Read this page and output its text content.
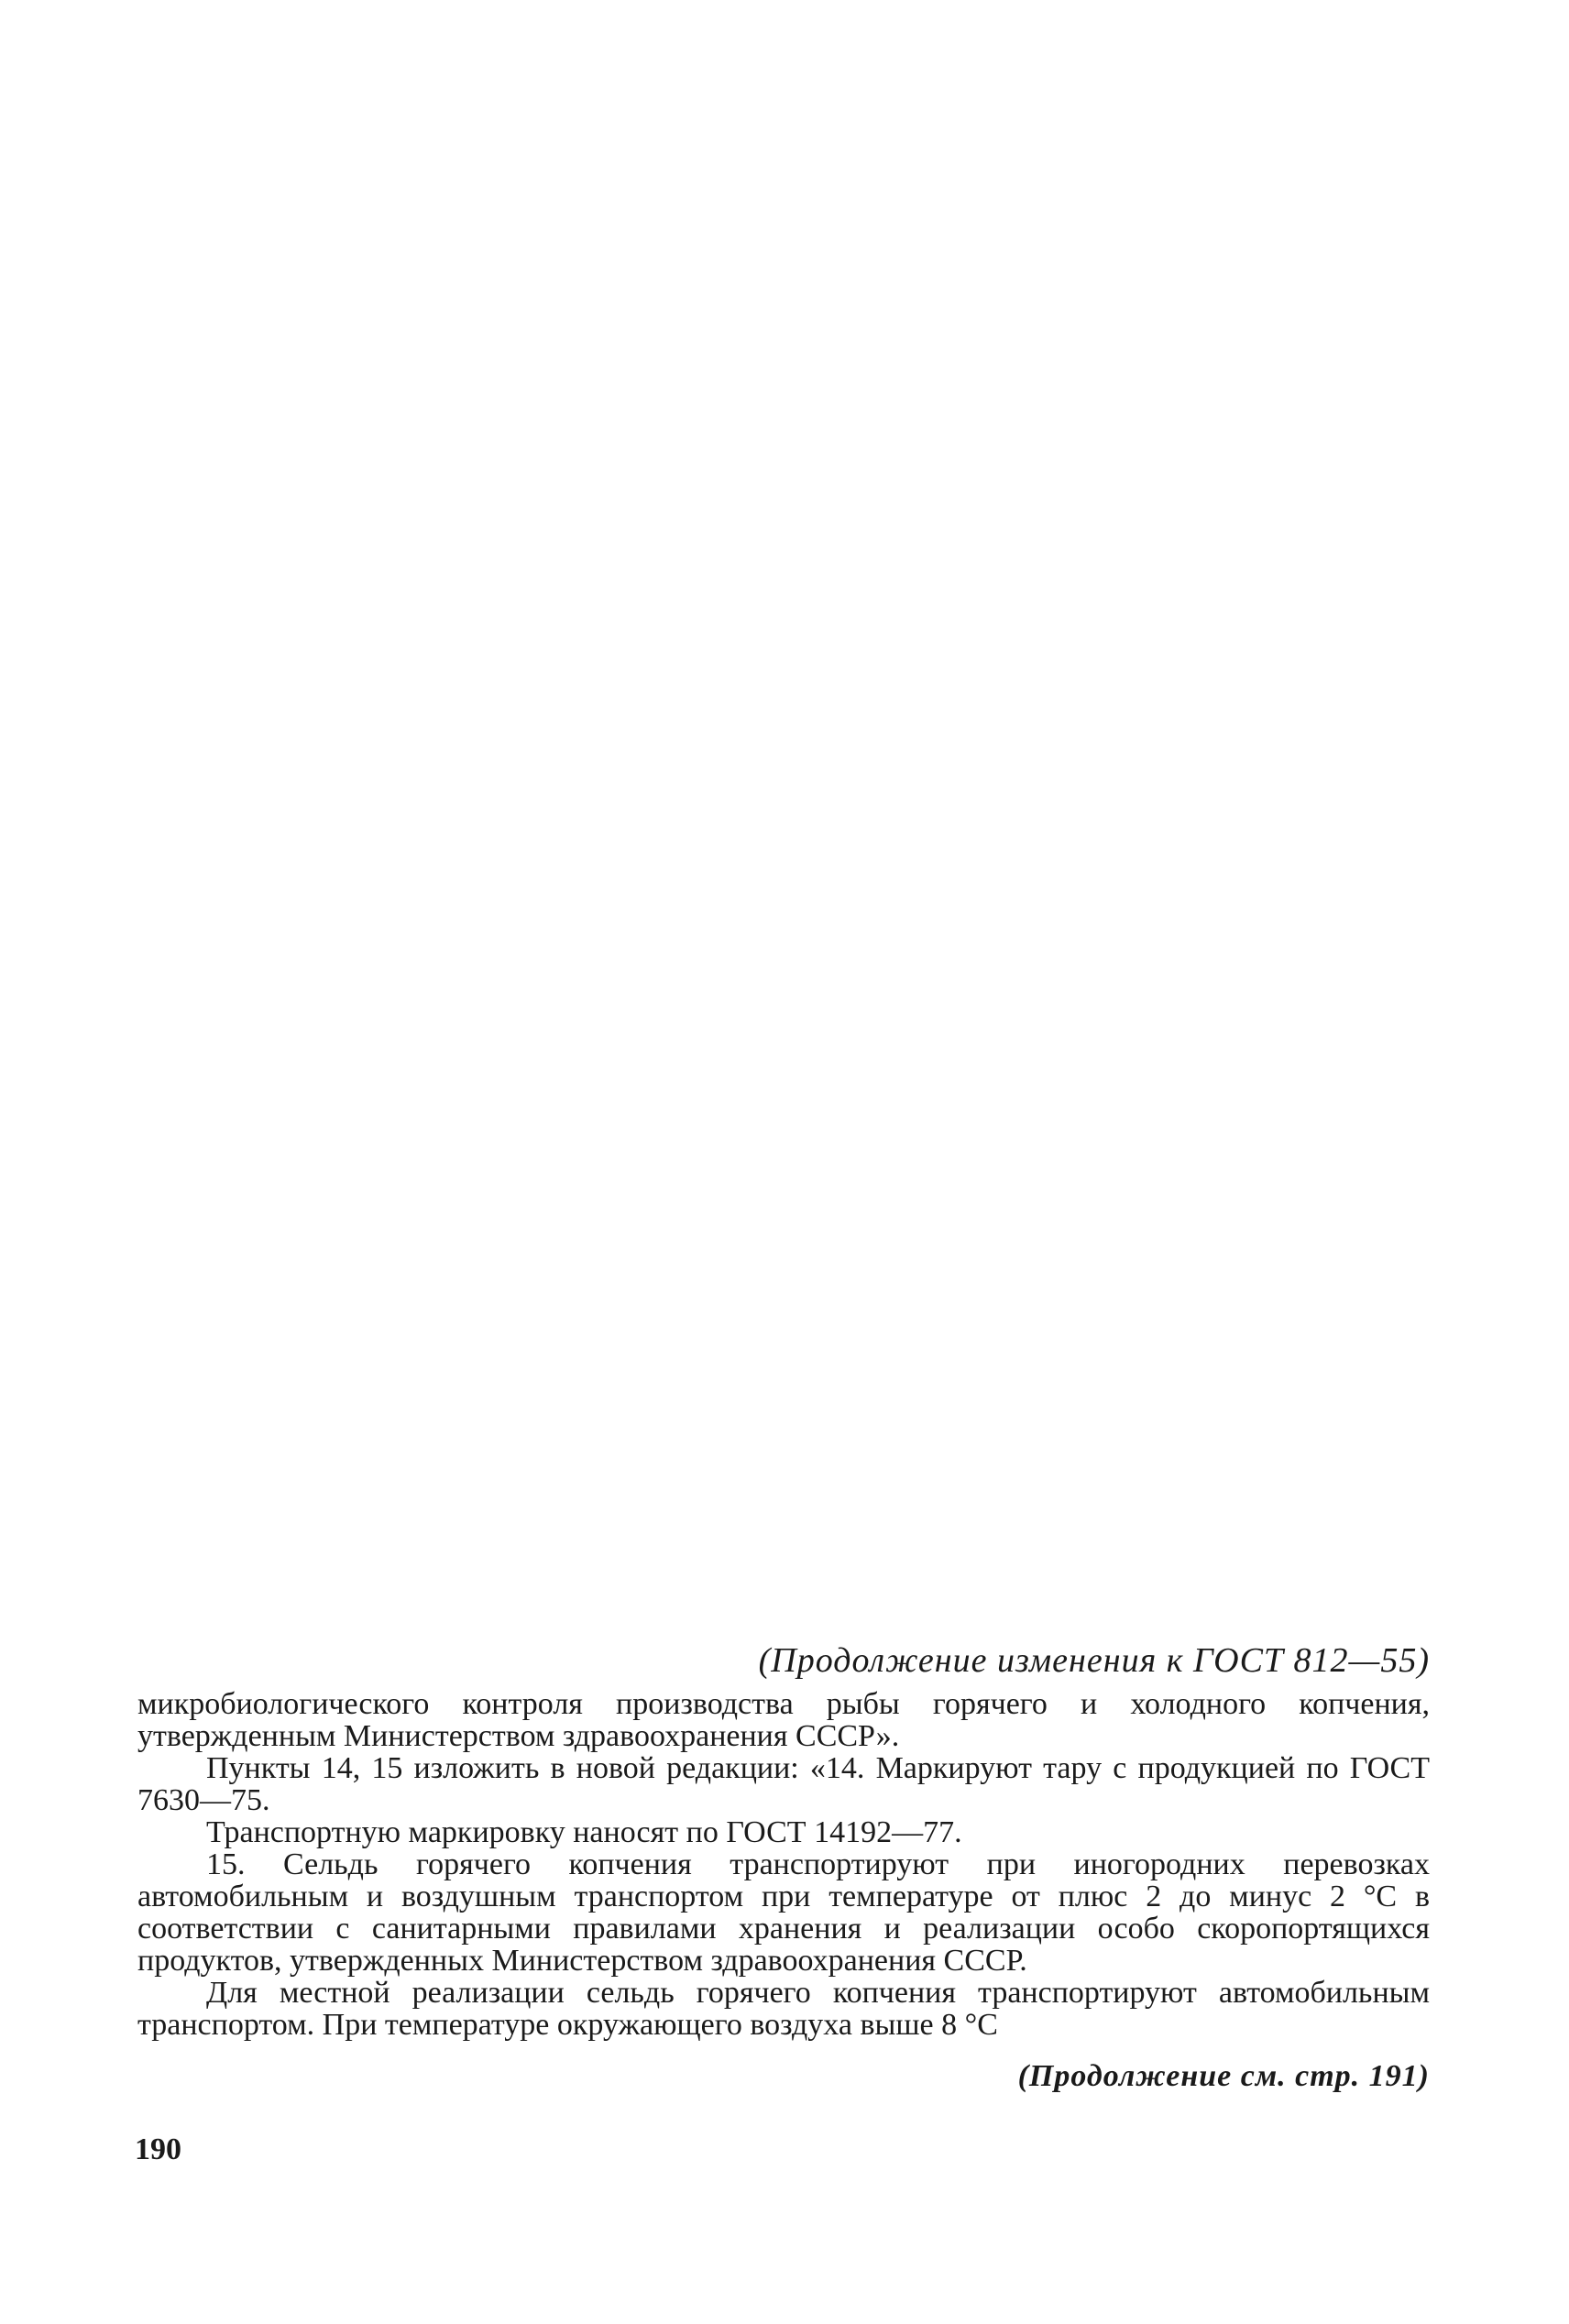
(Продолжение изменения к ГОСТ 812—55)

микробиологического контроля производства рыбы горячего и холодного копчения, утвержденным Министерством здравоохранения СССР».

Пункты 14, 15 изложить в новой редакции: «14. Маркируют тару с продукцией по ГОСТ 7630—75.

Транспортную маркировку наносят по ГОСТ 14192—77.

15. Сельдь горячего копчения транспортируют при иногородних перевозках автомобильным и воздушным транспортом при температуре от плюс 2 до минус 2 °С в соответствии с санитарными правилами хранения и реализации особо скоропортящихся продуктов, утвержденных Министерством здравоохранения СССР.

Для местной реализации сельдь горячего копчения транспортируют автомобильным транспортом. При температуре окружающего воздуха выше 8 °С

(Продолжение см. стр. 191)

190
